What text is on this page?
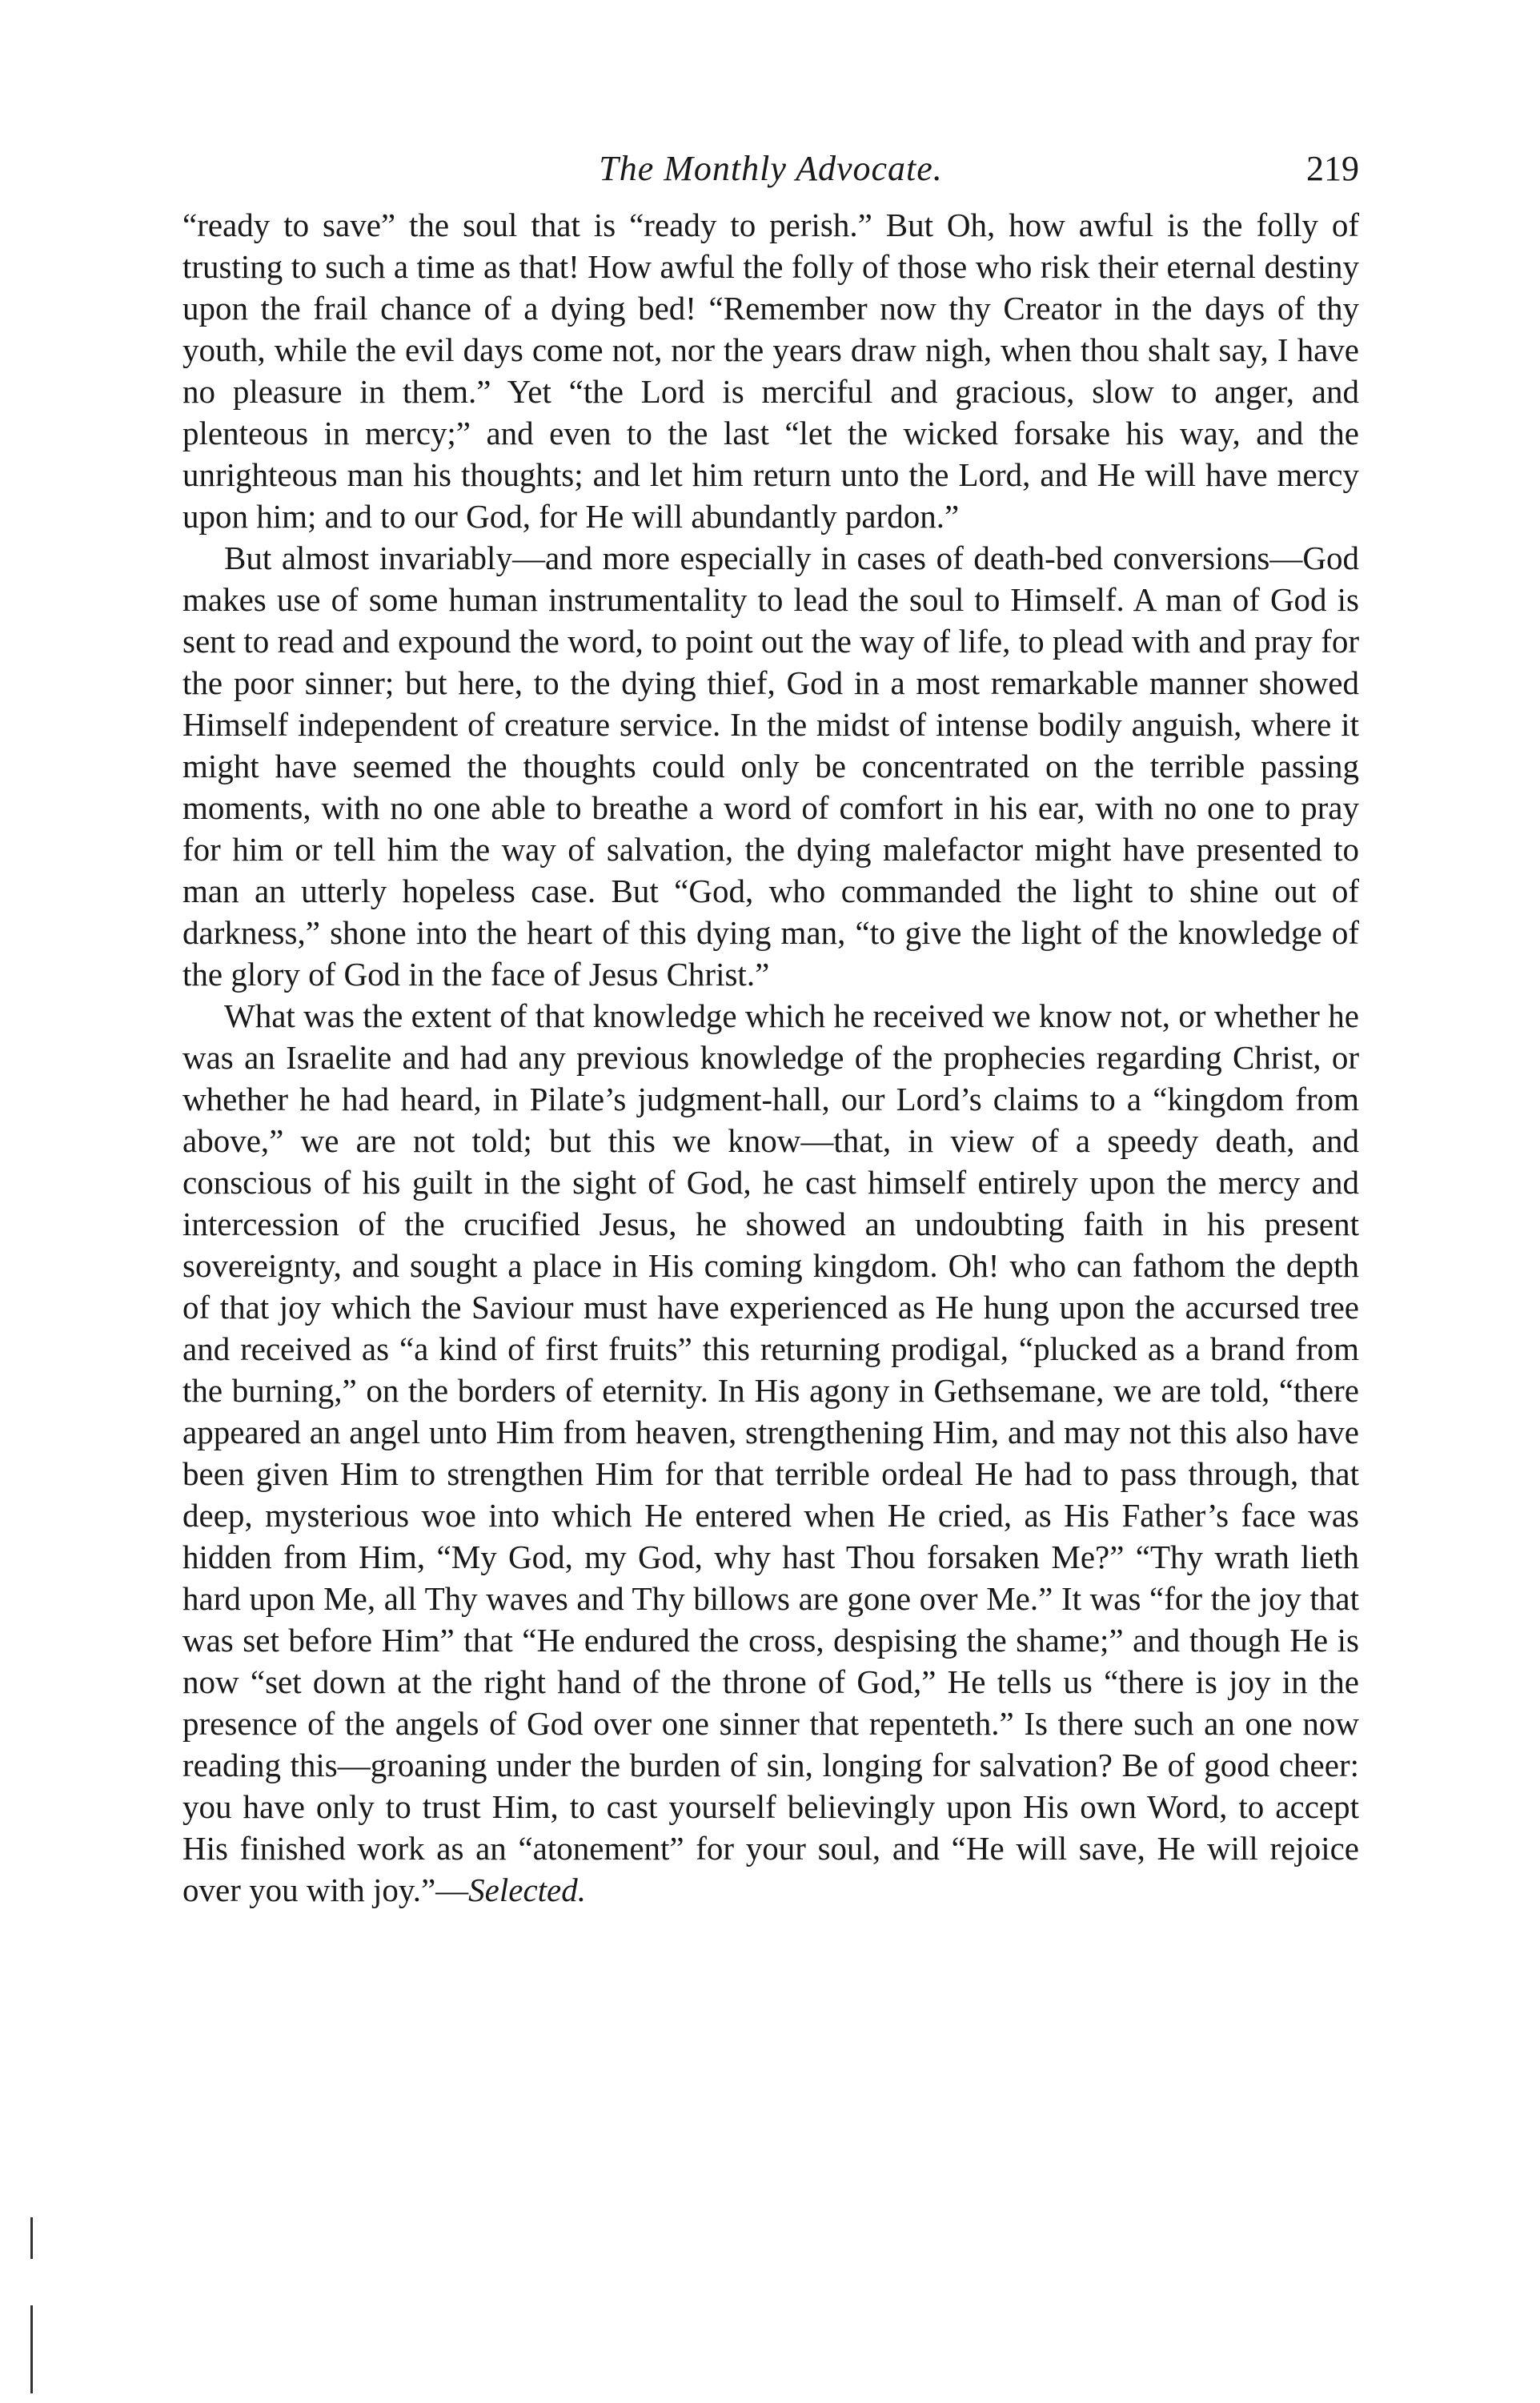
The Monthly Advocate.	219

“ready to save” the soul that is “ready to perish.” But Oh, how awful is the folly of trusting to such a time as that! How awful the folly of those who risk their eternal destiny upon the frail chance of a dying bed! “Remember now thy Creator in the days of thy youth, while the evil days come not, nor the years draw nigh, when thou shalt say, I have no pleasure in them.” Yet “the Lord is merciful and gracious, slow to anger, and plenteous in mercy;” and even to the last “let the wicked forsake his way, and the unrighteous man his thoughts; and let him return unto the Lord, and He will have mercy upon him; and to our God, for He will abundantly pardon.”

But almost invariably—and more especially in cases of death-bed conversions—God makes use of some human instrumentality to lead the soul to Himself. A man of God is sent to read and expound the word, to point out the way of life, to plead with and pray for the poor sinner; but here, to the dying thief, God in a most remarkable manner showed Himself independent of creature service. In the midst of intense bodily anguish, where it might have seemed the thoughts could only be concentrated on the terrible passing moments, with no one able to breathe a word of comfort in his ear, with no one to pray for him or tell him the way of salvation, the dying malefactor might have presented to man an utterly hopeless case. But “God, who commanded the light to shine out of darkness,” shone into the heart of this dying man, “to give the light of the knowledge of the glory of God in the face of Jesus Christ.”

What was the extent of that knowledge which he received we know not, or whether he was an Israelite and had any previous knowledge of the prophecies regarding Christ, or whether he had heard, in Pilate’s judgment-hall, our Lord’s claims to a “kingdom from above,” we are not told; but this we know—that, in view of a speedy death, and conscious of his guilt in the sight of God, he cast himself entirely upon the mercy and intercession of the crucified Jesus, he showed an undoubting faith in his present sovereignty, and sought a place in His coming kingdom. Oh! who can fathom the depth of that joy which the Saviour must have experienced as He hung upon the accursed tree and received as “a kind of first fruits” this returning prodigal, “plucked as a brand from the burning,” on the borders of eternity. In His agony in Gethsemane, we are told, “there appeared an angel unto Him from heaven, strengthening Him, and may not this also have been given Him to strengthen Him for that terrible ordeal He had to pass through, that deep, mysterious woe into which He entered when He cried, as His Father’s face was hidden from Him, “My God, my God, why hast Thou forsaken Me?” “Thy wrath lieth hard upon Me, all Thy waves and Thy billows are gone over Me.” It was “for the joy that was set before Him” that “He endured the cross, despising the shame;” and though He is now “set down at the right hand of the throne of God,” He tells us “there is joy in the presence of the angels of God over one sinner that repenteth.” Is there such an one now reading this—groaning under the burden of sin, longing for salvation? Be of good cheer: you have only to trust Him, to cast yourself believingly upon His own Word, to accept His finished work as an “atonement” for your soul, and “He will save, He will rejoice over you with joy.”—Selected.
